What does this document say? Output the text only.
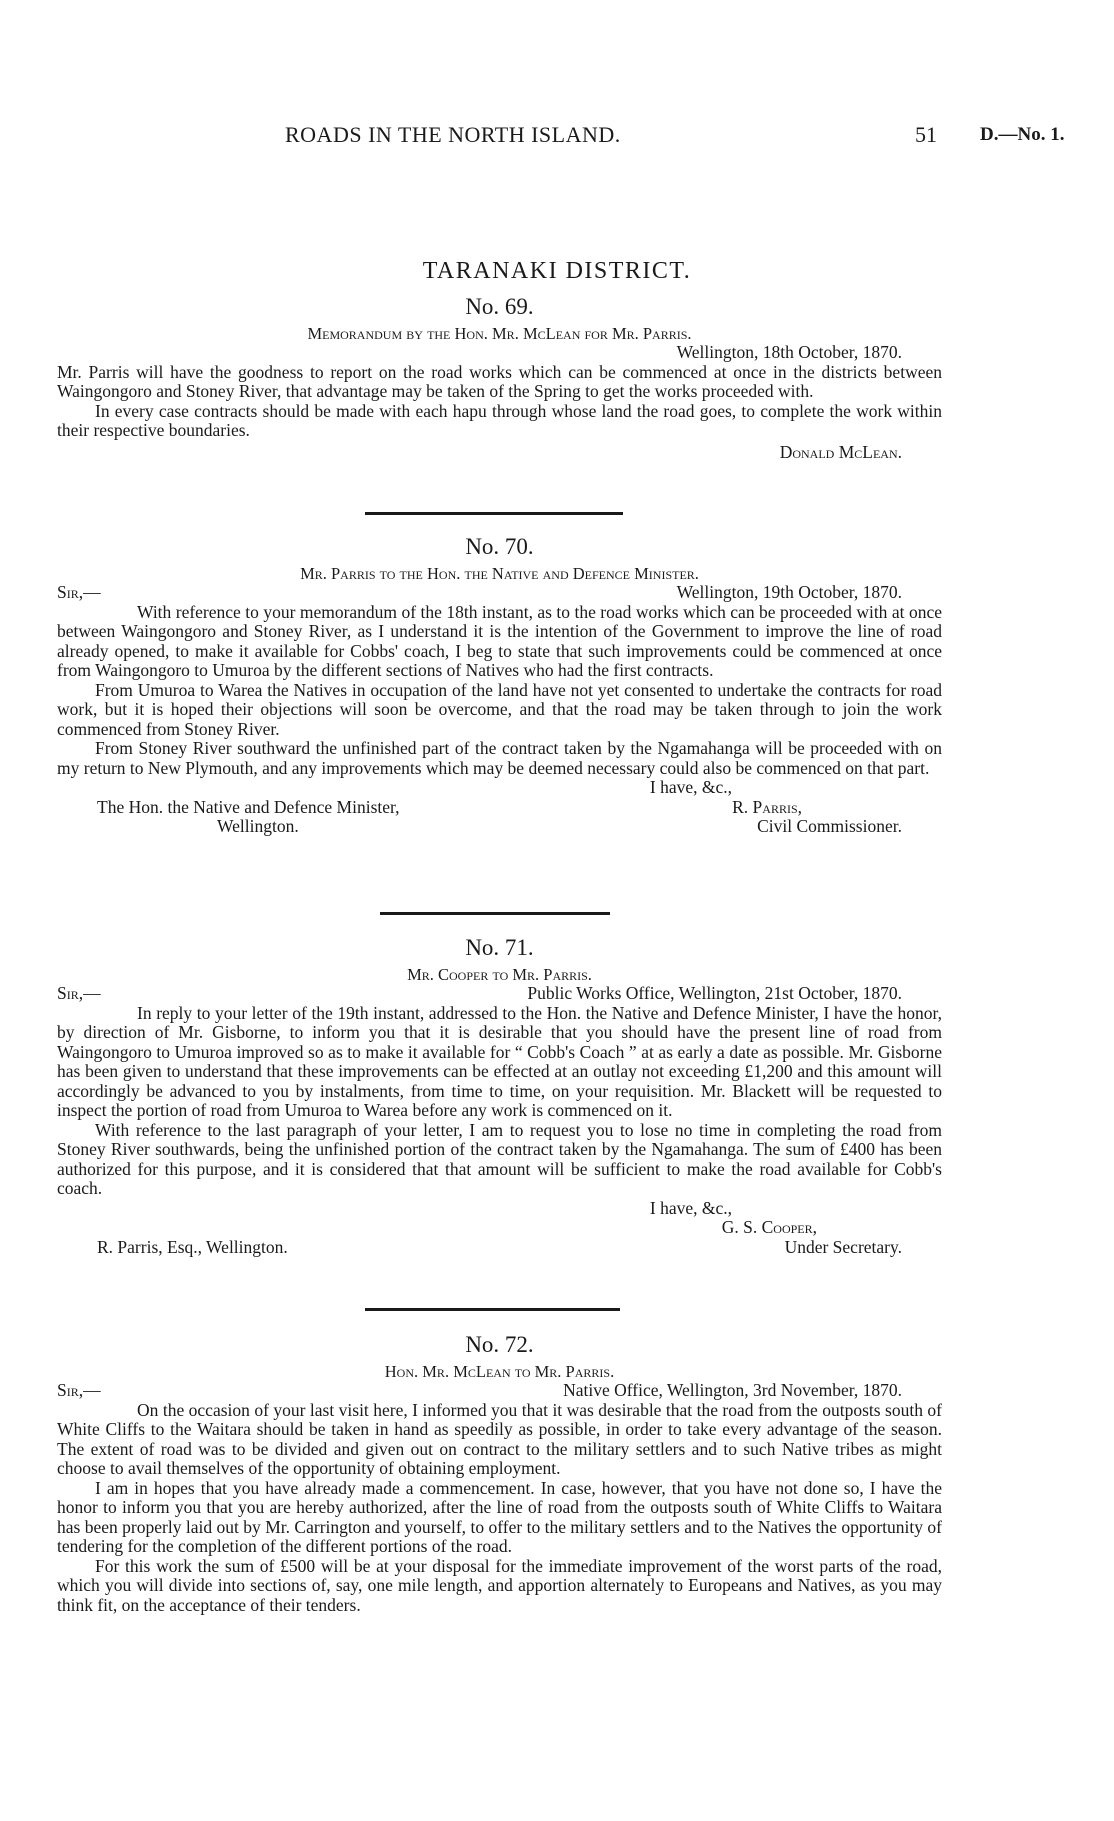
ROADS IN THE NORTH ISLAND.	51 D.—No. 1.
TARANAKI DISTRICT.
No. 69.
Memorandum by the Hon. Mr. McLean for Mr. Parris.
Wellington, 18th October, 1870.

Mr. Parris will have the goodness to report on the road works which can be commenced at once in the districts between Waingongoro and Stoney River, that advantage may be taken of the Spring to get the works proceeded with.

In every case contracts should be made with each hapu through whose land the road goes, to complete the work within their respective boundaries.

Donald McLean.
No. 70.
Mr. Parris to the Hon. the Native and Defence Minister.
Sir,—	Wellington, 19th October, 1870.

With reference to your memorandum of the 18th instant, as to the road works which can be proceeded with at once between Waingongoro and Stoney River, as I understand it is the intention of the Government to improve the line of road already opened, to make it available for Cobbs' coach, I beg to state that such improvements could be commenced at once from Waingongoro to Umuroa by the different sections of Natives who had the first contracts.

From Umuroa to Warea the Natives in occupation of the land have not yet consented to undertake the contracts for road work, but it is hoped their objections will soon be overcome, and that the road may be taken through to join the work commenced from Stoney River.

From Stoney River southward the unfinished part of the contract taken by the Ngamahanga will be proceeded with on my return to New Plymouth, and any improvements which may be deemed necessary could also be commenced on that part.

I have, &c.,
The Hon. the Native and Defence Minister,
Wellington.
R. Parris,
Civil Commissioner.
No. 71.
Mr. Cooper to Mr. Parris.
Sir,—	Public Works Office, Wellington, 21st October, 1870.

In reply to your letter of the 19th instant, addressed to the Hon. the Native and Defence Minister, I have the honor, by direction of Mr. Gisborne, to inform you that it is desirable that you should have the present line of road from Waingongoro to Umuroa improved so as to make it available for “ Cobb's Coach ” at as early a date as possible. Mr. Gisborne has been given to understand that these improvements can be effected at an outlay not exceeding £1,200 and this amount will accordingly be advanced to you by instalments, from time to time, on your requisition. Mr. Blackett will be requested to inspect the portion of road from Umuroa to Warea before any work is commenced on it.

With reference to the last paragraph of your letter, I am to request you to lose no time in completing the road from Stoney River southwards, being the unfinished portion of the contract taken by the Ngamahanga. The sum of £400 has been authorized for this purpose, and it is considered that that amount will be sufficient to make the road available for Cobb's coach.

I have, &c.,
R. Parris, Esq., Wellington.
G. S. Cooper,
Under Secretary.
No. 72.
Hon. Mr. McLean to Mr. Parris.
Sir,—	Native Office, Wellington, 3rd November, 1870.

On the occasion of your last visit here, I informed you that it was desirable that the road from the outposts south of White Cliffs to the Waitara should be taken in hand as speedily as possible, in order to take every advantage of the season. The extent of road was to be divided and given out on contract to the military settlers and to such Native tribes as might choose to avail themselves of the opportunity of obtaining employment.

I am in hopes that you have already made a commencement. In case, however, that you have not done so, I have the honor to inform you that you are hereby authorized, after the line of road from the outposts south of White Cliffs to Waitara has been properly laid out by Mr. Carrington and yourself, to offer to the military settlers and to the Natives the opportunity of tendering for the completion of the different portions of the road.

For this work the sum of £500 will be at your disposal for the immediate improvement of the worst parts of the road, which you will divide into sections of, say, one mile length, and apportion alternately to Europeans and Natives, as you may think fit, on the acceptance of their tenders.
